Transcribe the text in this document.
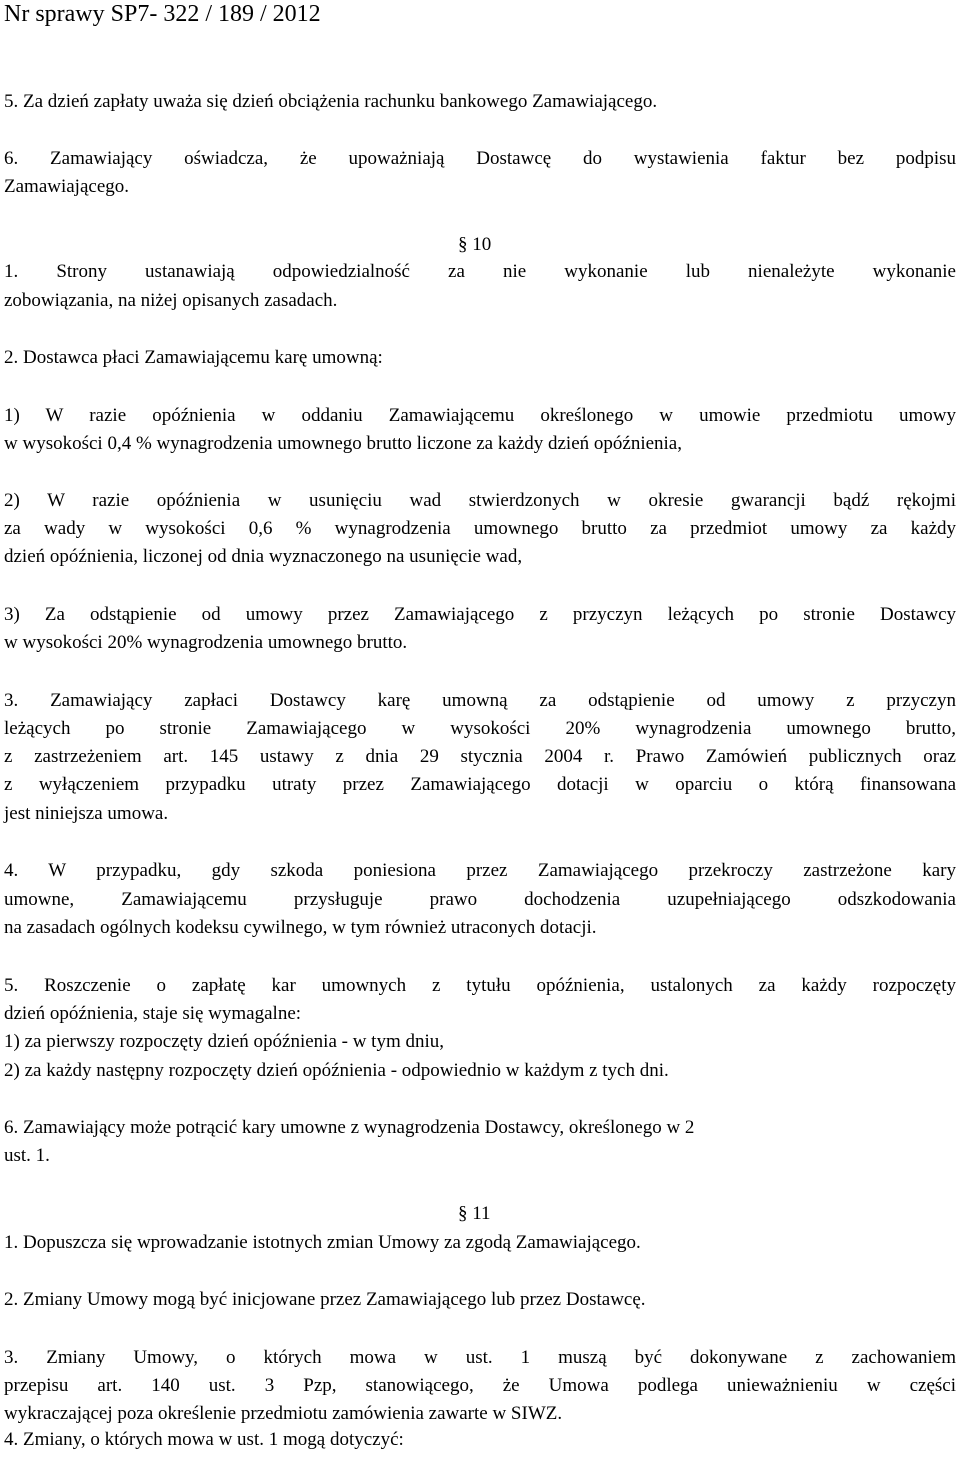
Nr sprawy SP7- 322 / 189 / 2012
5. Za dzień zapłaty uważa się dzień obciążenia rachunku bankowego Zamawiającego.
6. Zamawiający oświadcza, że upoważniają Dostawcę do wystawienia faktur bez podpisu
Zamawiającego.
§ 10
1. Strony ustanawiają odpowiedzialność za nie wykonanie lub nienależyte wykonanie
zobowiązania, na niżej opisanych zasadach.
2. Dostawca płaci Zamawiającemu karę umowną:
1) W razie opóźnienia w oddaniu Zamawiającemu określonego w umowie przedmiotu umowy
w wysokości 0,4 % wynagrodzenia umownego brutto liczone za każdy dzień opóźnienia,
2) W razie opóźnienia w usunięciu wad stwierdzonych w okresie gwarancji bądź rękojmi
za wady w wysokości 0,6 % wynagrodzenia umownego brutto za przedmiot umowy za każdy
dzień opóźnienia, liczonej od dnia wyznaczonego na usunięcie wad,
3) Za odstąpienie od umowy przez Zamawiającego z przyczyn leżących po stronie Dostawcy
w wysokości 20% wynagrodzenia umownego brutto.
3. Zamawiający zapłaci Dostawcy karę umowną za odstąpienie od umowy z przyczyn
leżących po stronie Zamawiającego w wysokości 20% wynagrodzenia umownego brutto,
z zastrzeżeniem art. 145 ustawy z dnia 29 stycznia 2004 r. Prawo Zamówień publicznych oraz
z wyłączeniem przypadku utraty przez Zamawiającego dotacji w oparciu o którą finansowana
jest niniejsza umowa.
4. W przypadku, gdy szkoda poniesiona przez Zamawiającego przekroczy zastrzeżone kary
umowne, Zamawiającemu przysługuje prawo dochodzenia uzupełniającego odszkodowania
na zasadach ogólnych kodeksu cywilnego, w tym również utraconych dotacji.
5. Roszczenie o zapłatę kar umownych z tytułu opóźnienia, ustalonych za każdy rozpoczęty
dzień opóźnienia, staje się wymagalne:
1) za pierwszy rozpoczęty dzień opóźnienia - w tym dniu,
2) za każdy następny rozpoczęty dzień opóźnienia - odpowiednio w każdym z tych dni.
6. Zamawiający może potrącić kary umowne z wynagrodzenia Dostawcy, określonego w 2
ust. 1.
§ 11
1. Dopuszcza się wprowadzanie istotnych zmian Umowy za zgodą Zamawiającego.
2. Zmiany Umowy mogą być inicjowane przez Zamawiającego lub przez Dostawcę.
3. Zmiany Umowy, o których mowa w ust. 1 muszą być dokonywane z zachowaniem
przepisu art. 140 ust. 3 Pzp, stanowiącego, że Umowa podlega unieważnieniu w części
wykraczającej poza określenie przedmiotu zamówienia zawarte w SIWZ.
4. Zmiany, o których mowa w ust. 1 mogą dotyczyć:
